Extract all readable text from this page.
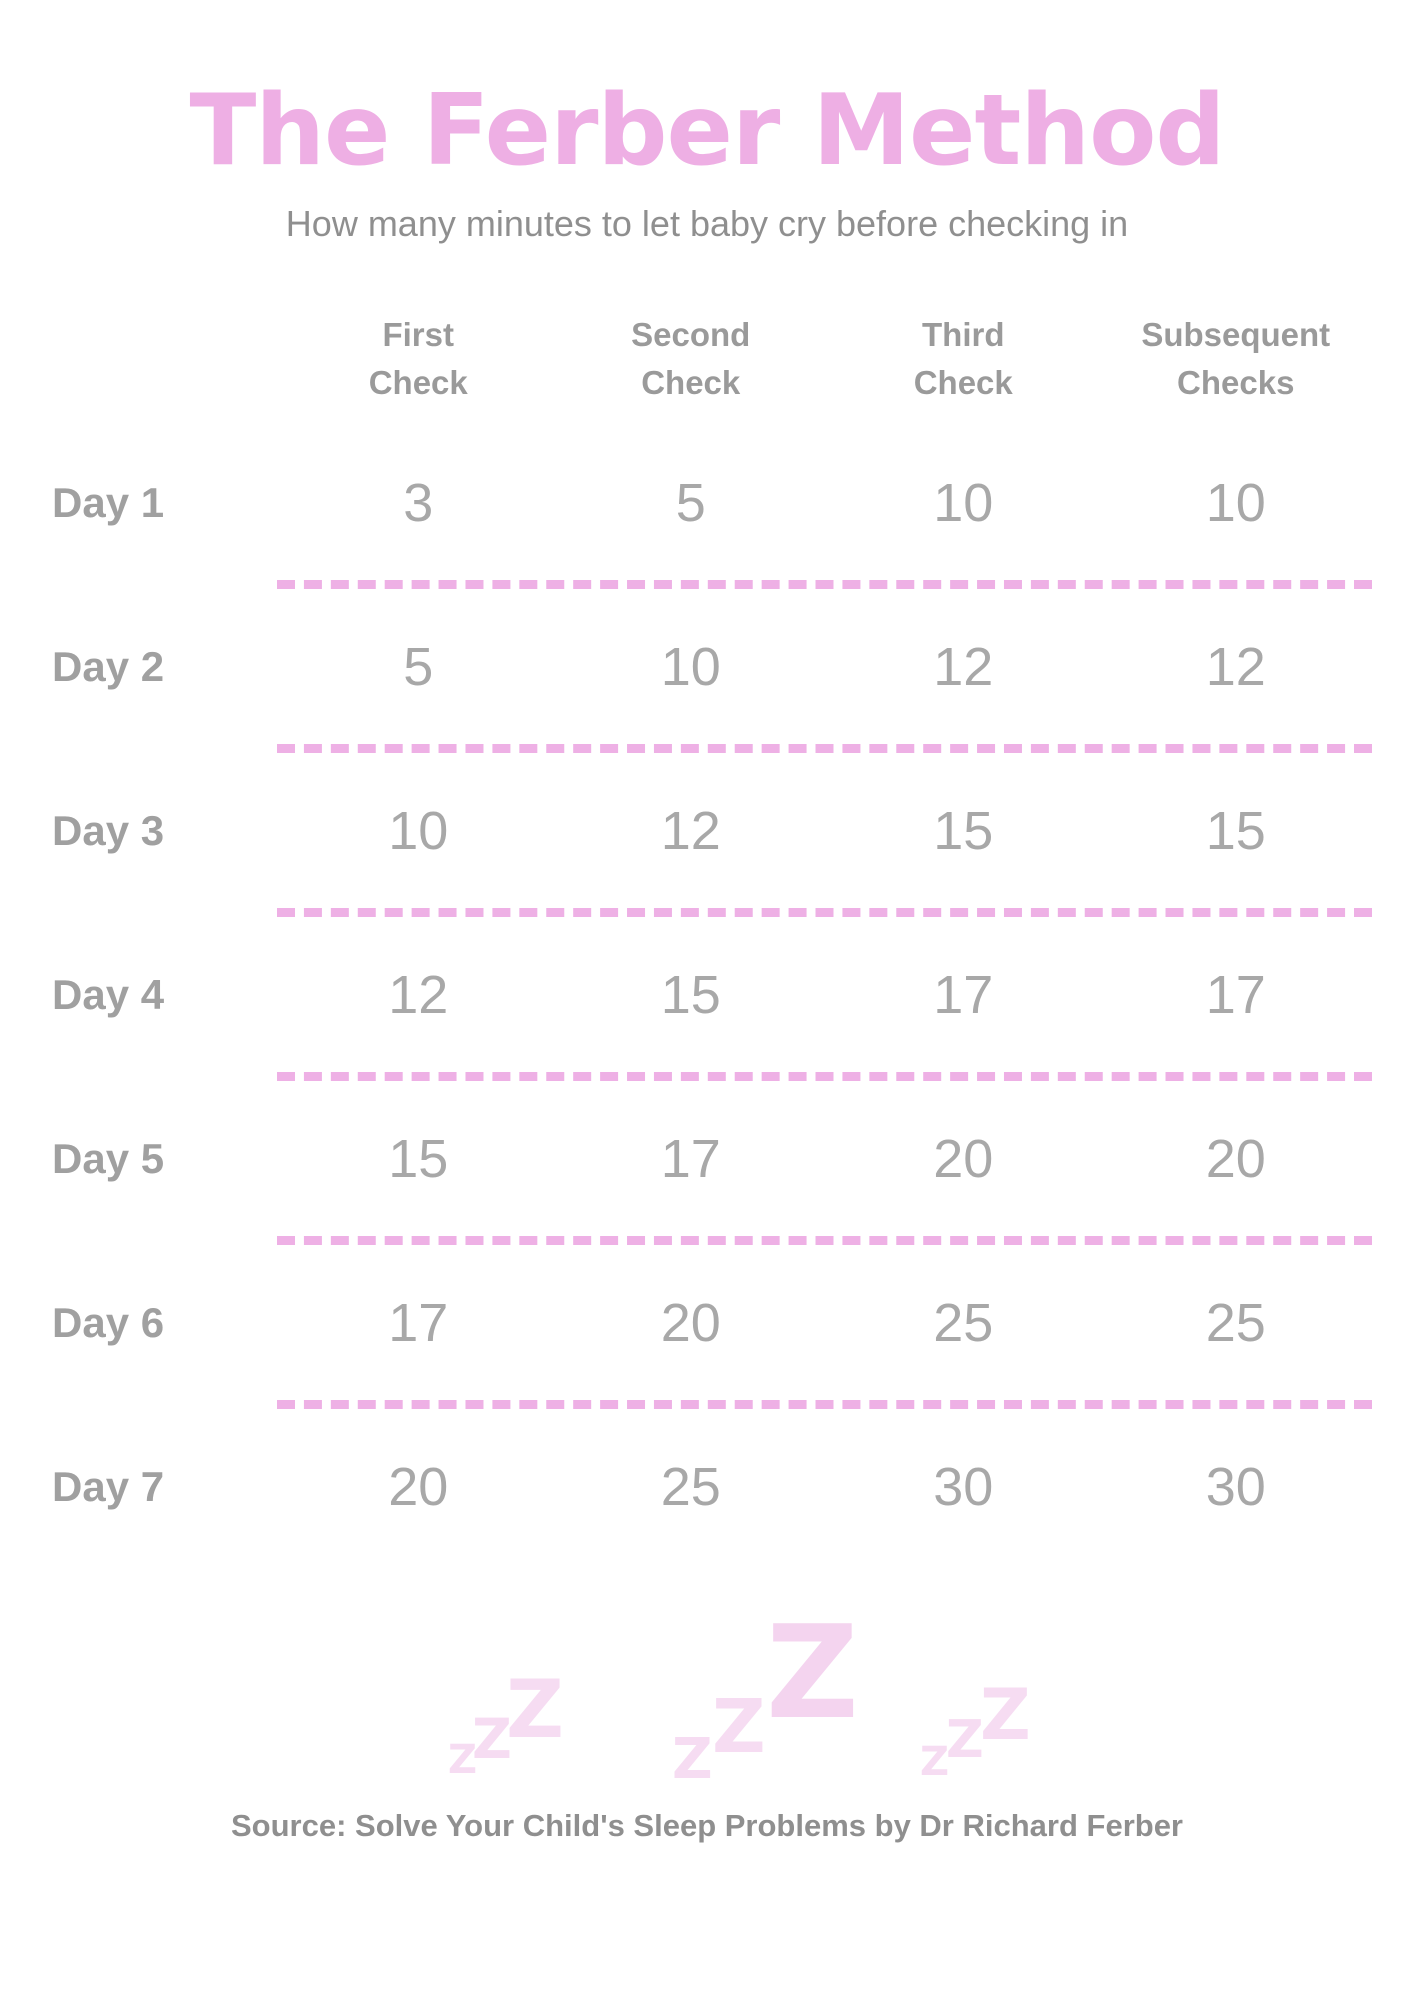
The Ferber Method

How many minutes to let baby cry before checking in

First
Check
Second
Check
Third
Check
Subsequent
Checks
Day 1	3	5	10	10
Day 2	5	10	12	12
Day 3	10	12	15	15
Day 4	12	15	17	17
Day 5	15	17	20	20
Day 6	17	20	25	25
Day 7	20	25	30	30
Z
Z
Z
Z Z Z
Z
Z
Z
Source: Solve Your Child's Sleep Problems by Dr Richard Ferber
